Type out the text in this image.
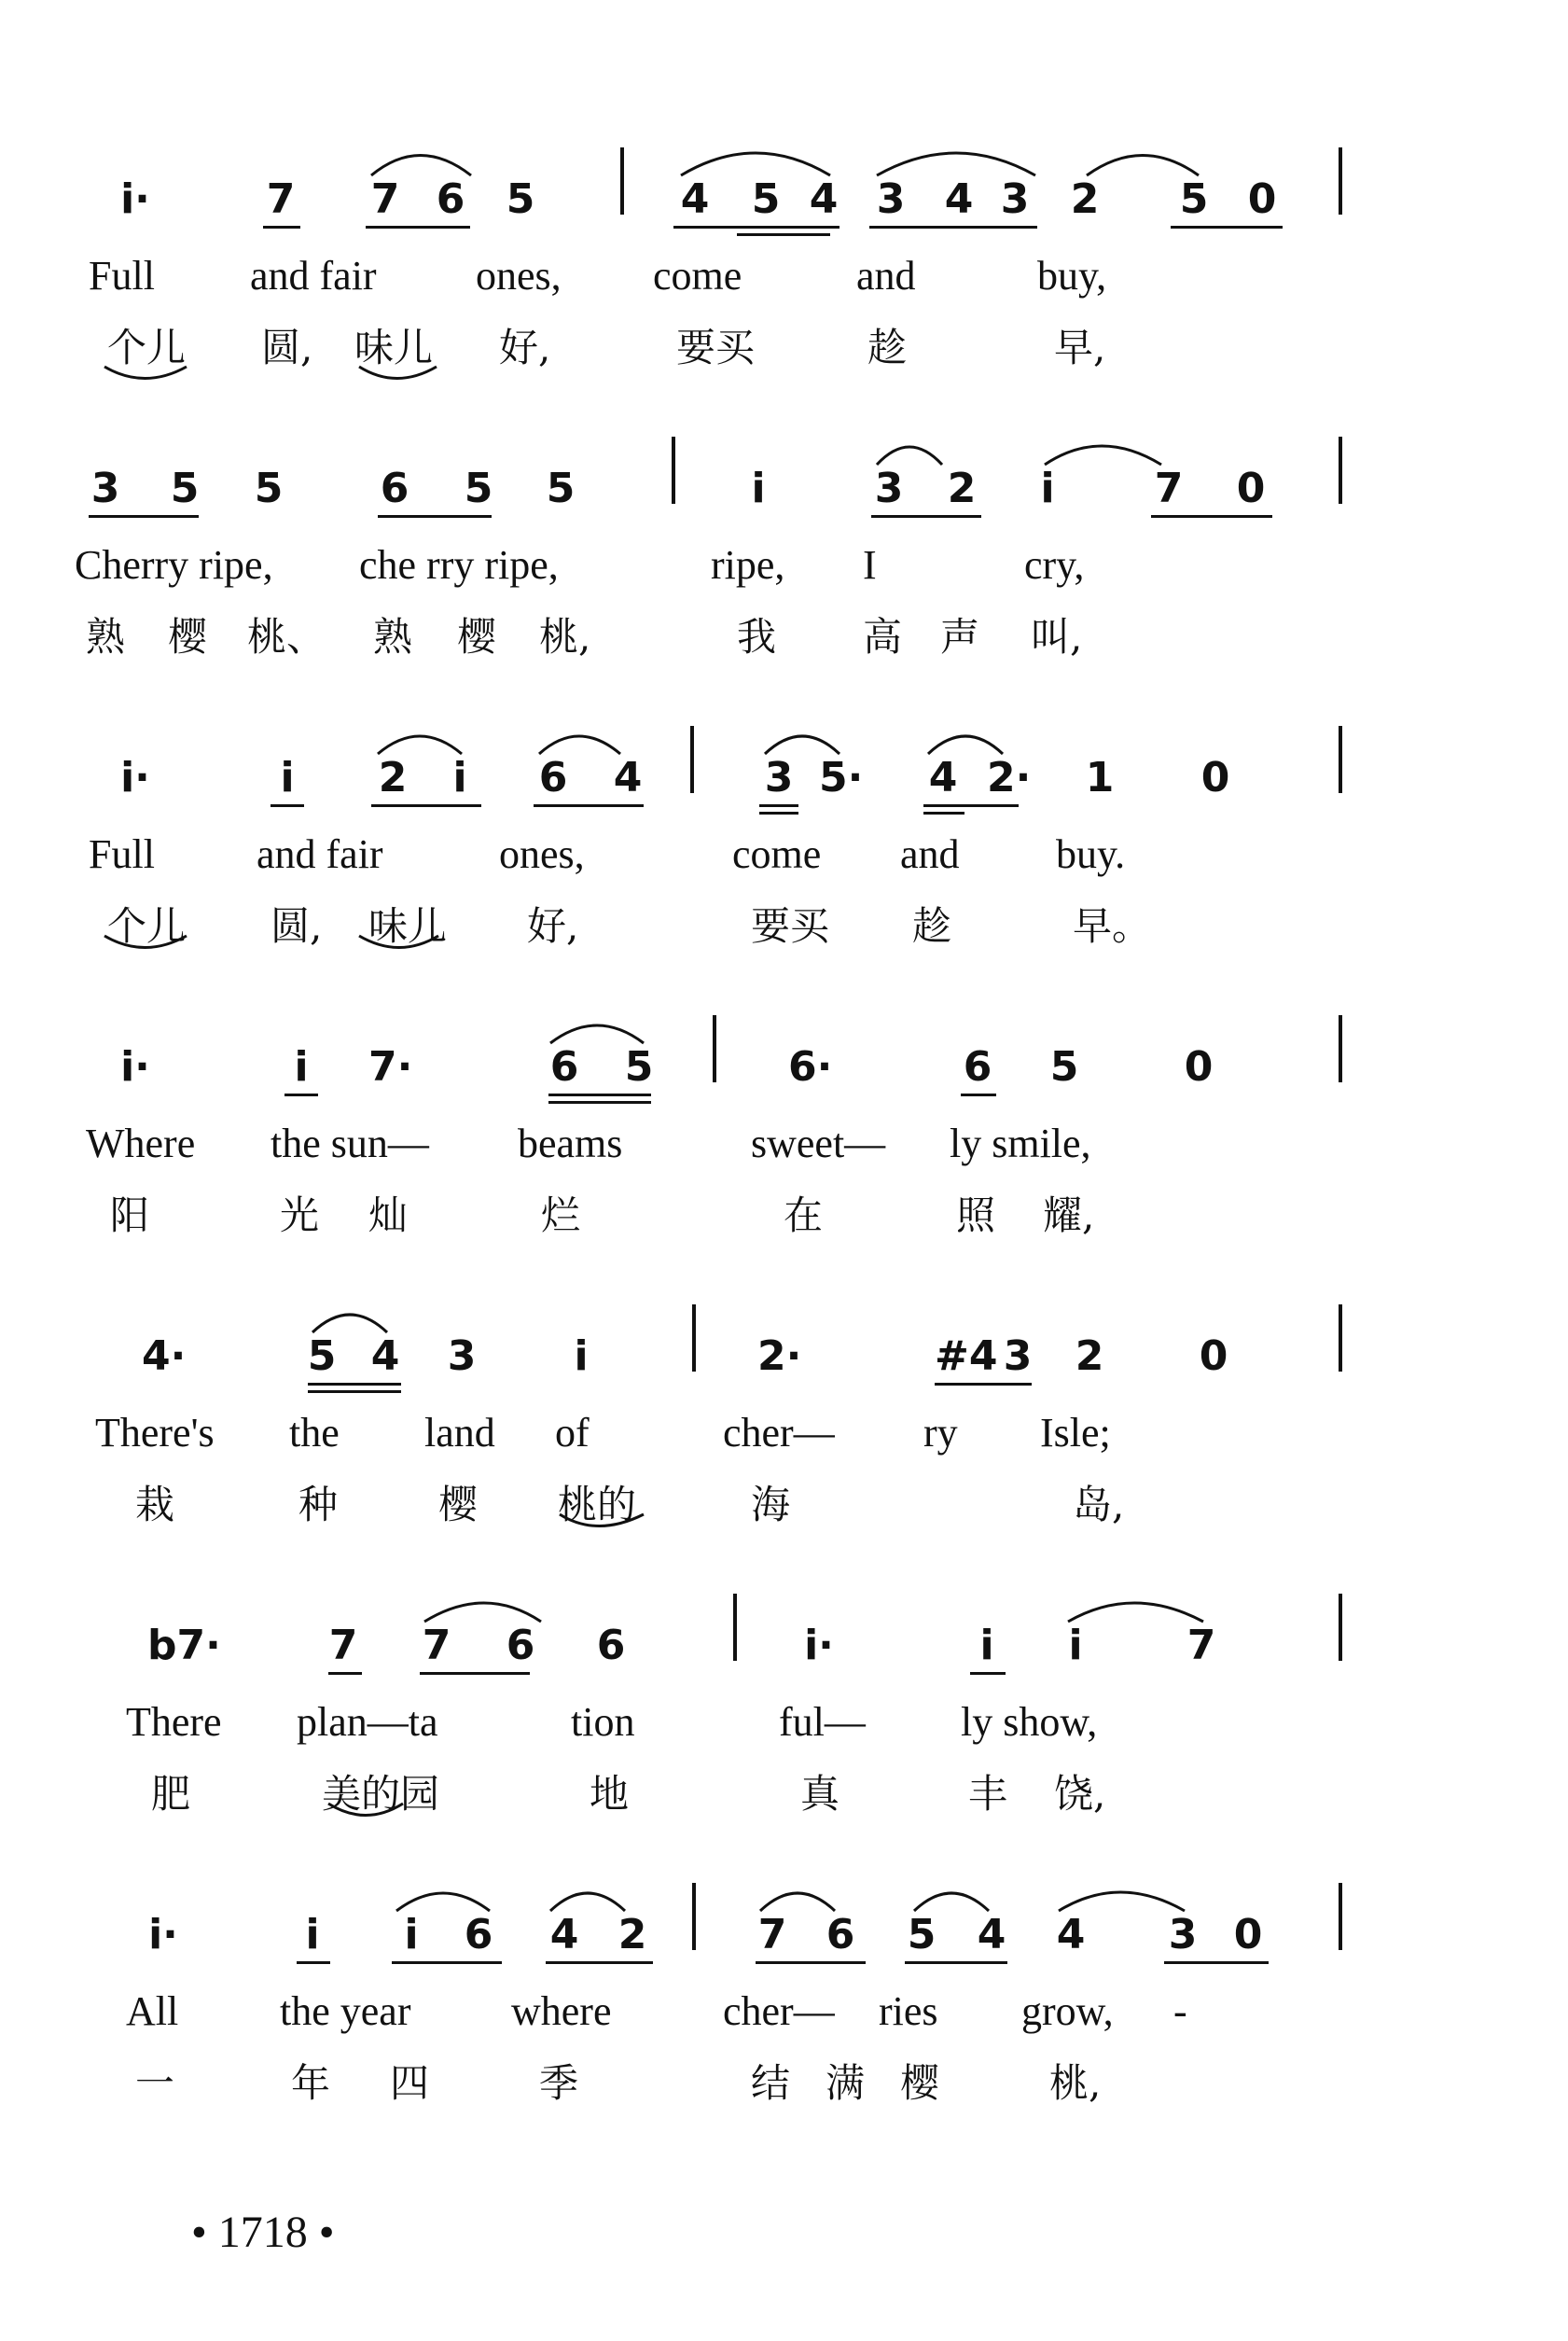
i·	7 7 6 5	4 5 4 3 4 3 2 5 0
Full and fair ones, come	and	buy,
个儿 圆, 味儿 好,	要买	趁	早,
3 5 5 6 5 5	i	3 2	i	7 0
Cherry ripe, che rry ripe,	ripe, I	cry,
熟 樱 桃、 熟 樱 桃,	我 高 声 叫,
i·	i	2	i	6 4	3 5· 4 2· 1 0
Full and fair	ones,	come and buy.
个儿 圆, 味儿 好,	要买 趁	早。
i·	i	7·	6 5	6·	6 5	0
Where the sun— beams	sweet— ly smile,
阳	光 灿	烂	在	照 耀,
4·	5 4 3	i	2·	#4 3 2 0
There's the land of	cher— ry Isle;
栽	种	樱 桃的	海	岛,
b7·	7 7 6 6	i·	i	i	7
There plan—ta	tion	ful— ly show,
肥	美的园	地	真	丰 饶,
i·	i	i	6 4 2	7 6 5 4 4 3 0
All the year where	cher— ries grow, -
一	年 四	季	结 满 樱	桃,
• 1718 •
